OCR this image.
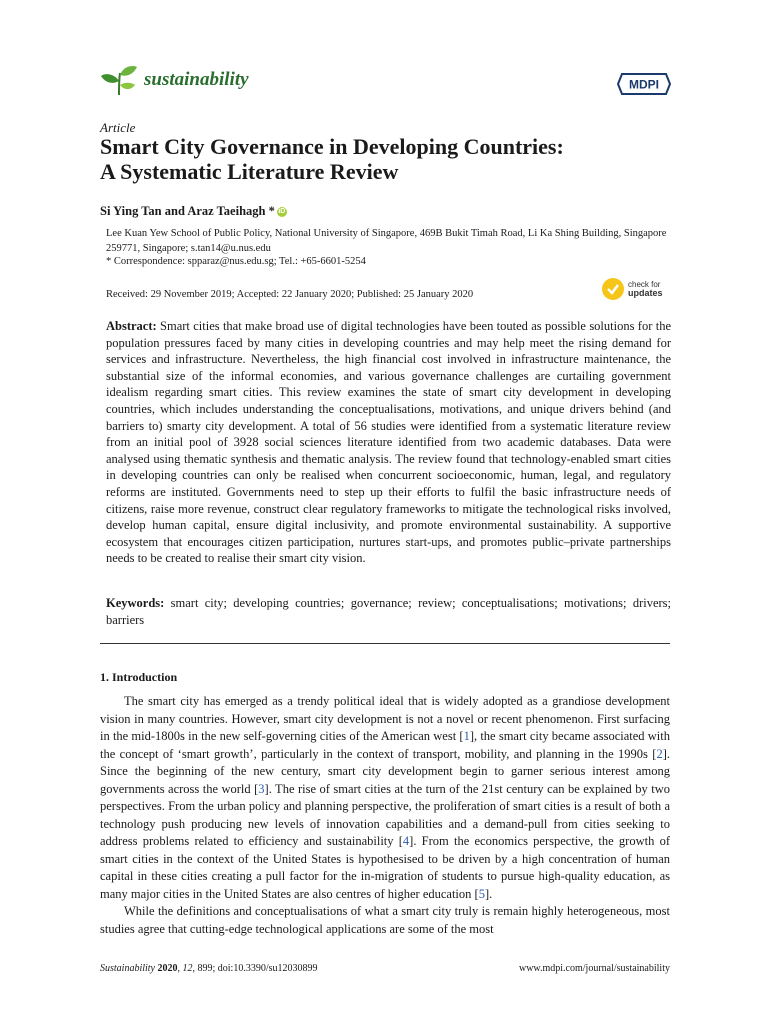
sustainability	MDPI
Article
Smart City Governance in Developing Countries:
A Systematic Literature Review
Si Ying Tan and Araz Taeihagh * iD
Lee Kuan Yew School of Public Policy, National University of Singapore, 469B Bukit Timah Road, Li Ka Shing Building, Singapore 259771, Singapore; s.tan14@u.nus.edu
* Correspondence: spparaz@nus.edu.sg; Tel.: +65-6601-5254
Received: 29 November 2019; Accepted: 22 January 2020; Published: 25 January 2020
check for
updates
Abstract: Smart cities that make broad use of digital technologies have been touted as possible solutions for the population pressures faced by many cities in developing countries and may help meet the rising demand for services and infrastructure. Nevertheless, the high financial cost involved in infrastructure maintenance, the substantial size of the informal economies, and various governance challenges are curtailing government idealism regarding smart cities. This review examines the state of smart city development in developing countries, which includes understanding the conceptualisations, motivations, and unique drivers behind (and barriers to) smarty city development. A total of 56 studies were identified from a systematic literature review from an initial pool of 3928 social sciences literature identified from two academic databases. Data were analysed using thematic synthesis and thematic analysis. The review found that technology-enabled smart cities in developing countries can only be realised when concurrent socioeconomic, human, legal, and regulatory reforms are instituted. Governments need to step up their efforts to fulfil the basic infrastructure needs of citizens, raise more revenue, construct clear regulatory frameworks to mitigate the technological risks involved, develop human capital, ensure digital inclusivity, and promote environmental sustainability. A supportive ecosystem that encourages citizen participation, nurtures start-ups, and promotes public–private partnerships needs to be created to realise their smart city vision.
Keywords: smart city; developing countries; governance; review; conceptualisations; motivations; drivers; barriers
1. Introduction

The smart city has emerged as a trendy political ideal that is widely adopted as a grandiose development vision in many countries. However, smart city development is not a novel or recent phenomenon. First surfacing in the mid-1800s in the new self-governing cities of the American west [1], the smart city became associated with the concept of ‘smart growth’, particularly in the context of transport, mobility, and planning in the 1990s [2]. Since the beginning of the new century, smart city development begin to garner serious interest among governments across the world [3]. The rise of smart cities at the turn of the 21st century can be explained by two perspectives. From the urban policy and planning perspective, the proliferation of smart cities is a result of both a technology push producing new levels of innovation capabilities and a demand-pull from cities seeking to address problems related to efficiency and sustainability [4]. From the economics perspective, the growth of smart cities in the context of the United States is hypothesised to be driven by a high concentration of human capital in these cities creating a pull factor for the in-migration of students to pursue high-quality education, as many major cities in the United States are also centres of higher education [5].

While the definitions and conceptualisations of what a smart city truly is remain highly heterogeneous, most studies agree that cutting-edge technological applications are some of the most

Sustainability 2020, 12, 899; doi:10.3390/su12030899	www.mdpi.com/journal/sustainability
